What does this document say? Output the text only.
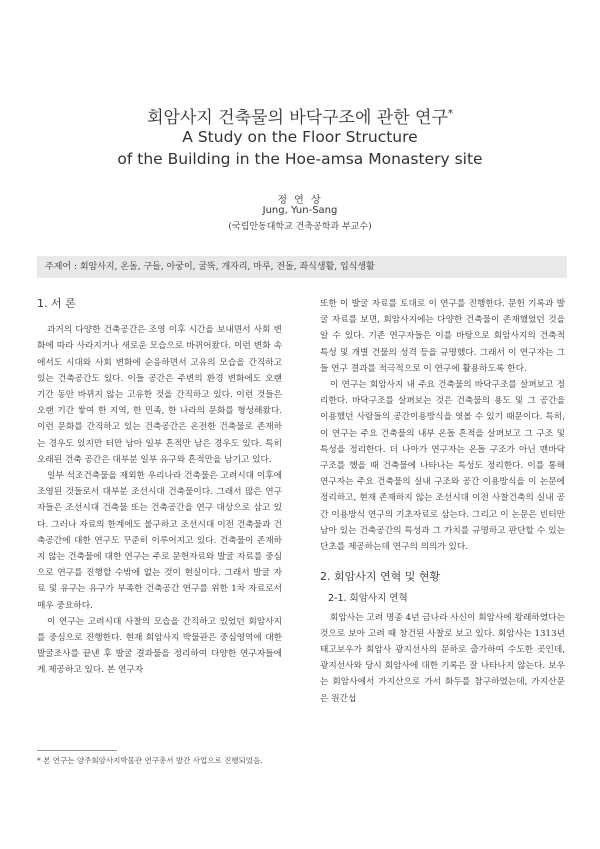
회암사지 건축물의 바닥구조에 관한 연구*
A Study on the Floor Structure
of the Building in the Hoe-amsa Monastery site
정 연 상
Jung, Yun-Sang
(국립안동대학교 건축공학과 부교수)
주제어 : 회암사지, 온돌, 구들, 아궁이, 굴뚝, 개자리, 마루, 전돌, 좌식생활, 입식생활
1. 서 론

과거의 다양한 건축공간은 조영 이후 시간을 보내면서 사회 변화에 따라 사라지거나 새로운 모습으로 바뀌어왔다. 이런 변화 속에서도 시대와 사회 변화에 순응하면서 고유의 모습을 간직하고 있는 건축공간도 있다. 이들 공간은 주변의 환경 변화에도 오랜 기간 동안 바뀌지 않는 고유한 것을 간직하고 있다. 이런 것들은 오랜 기간 쌓여 한 지역, 한 민족, 한 나라의 문화를 형성해왔다. 이런 문화를 간직하고 있는 건축공간은 온전한 건축물로 존재하는 경우도 있지만 터만 남아 일부 흔적만 남은 경우도 있다. 특히 오래된 건축 공간은 대부분 일부 유구와 흔적만을 남기고 있다.

일부 석조건축물을 제외한 우리나라 건축물은 고려시대 이후에 조영된 것들로서 대부분 조선시대 건축물이다. 그래서 많은 연구자들은 조선시대 건축물 또는 건축공간을 연구 대상으로 삼고 있다. 그러나 자료의 한계에도 불구하고 조선시대 이전 건축물과 건축공간에 대한 연구도 꾸준히 이루어지고 있다. 건축물이 존재하지 않는 건축물에 대한 연구는 주로 문헌자료와 발굴 자료를 중심으로 연구를 진행할 수밖에 없는 것이 현실이다. 그래서 발굴 자료 및 유구는 유구가 부족한 건축공간 연구를 위한 1차 자료로서 매우 중요하다.

이 연구는 고려시대 사찰의 모습을 간직하고 있었던 회암사지를 중심으로 진행한다. 현재 회암사지 박물관은 중심영역에 대한 발굴조사를 끝낸 후 발굴 결과물을 정리하여 다양한 연구자들에게 제공하고 있다. 본 연구자

또한 이 발굴 자료를 토대로 이 연구를 진행한다. 문헌 기록과 발굴 자료를 보면, 회암사지에는 다양한 건축물이 존재했었던 것을 알 수 있다. 기존 연구자들은 이를 바탕으로 회암사지의 건축적 특성 및 개별 건물의 성격 등을 규명했다. 그래서 이 연구자는 그들 연구 결과를 적극적으로 이 연구에 활용하도록 한다.

이 연구는 회암사지 내 주요 건축물의 바닥구조를 살펴보고 정리한다. 바닥구조를 살펴보는 것은 건축물의 용도 및 그 공간을 이용했던 사람들의 공간이용방식을 엿볼 수 있기 때문이다. 특히, 이 연구는 주요 건축물의 내부 온돌 흔적을 살펴보고 그 구조 및 특성을 정리한다. 더 나아가 연구자는 온돌 구조가 아닌 맨바닥 구조를 했을 때 건축물에 나타나는 특성도 정리한다. 이를 통해 연구자는 주요 건축물의 실내 구조와 공간 이용방식을 이 논문에 정리하고, 현재 존재하지 않는 조선시대 이전 사찰건축의 실내 공간 이용방식 연구의 기초자료로 삼는다. 그리고 이 논문은 빈터만 남아 있는 건축공간의 특성과 그 가치를 규명하고 판단할 수 있는 단초를 제공하는데 연구의 의의가 있다.

2. 회암사지 연혁 및 현황
2-1. 회암사지 연혁

회암사는 고려 명종 4년 금나라 사신이 회암사에 왕래하였다는 것으로 보아 고려 때 창건된 사찰로 보고 있다. 회암사는 1313년 태고보우가 회암사 광지선사의 문하로 출가하여 수도한 곳인데, 광지선사와 당시 회암사에 대한 기록은 잘 나타나지 않는다. 보우는 회암사에서 가지산으로 가서 화두를 참구하였는데, 가지산문은 원간섭

* 본 연구는 양주회암사지박물관 연구총서 발간 사업으로 진행되었음.
